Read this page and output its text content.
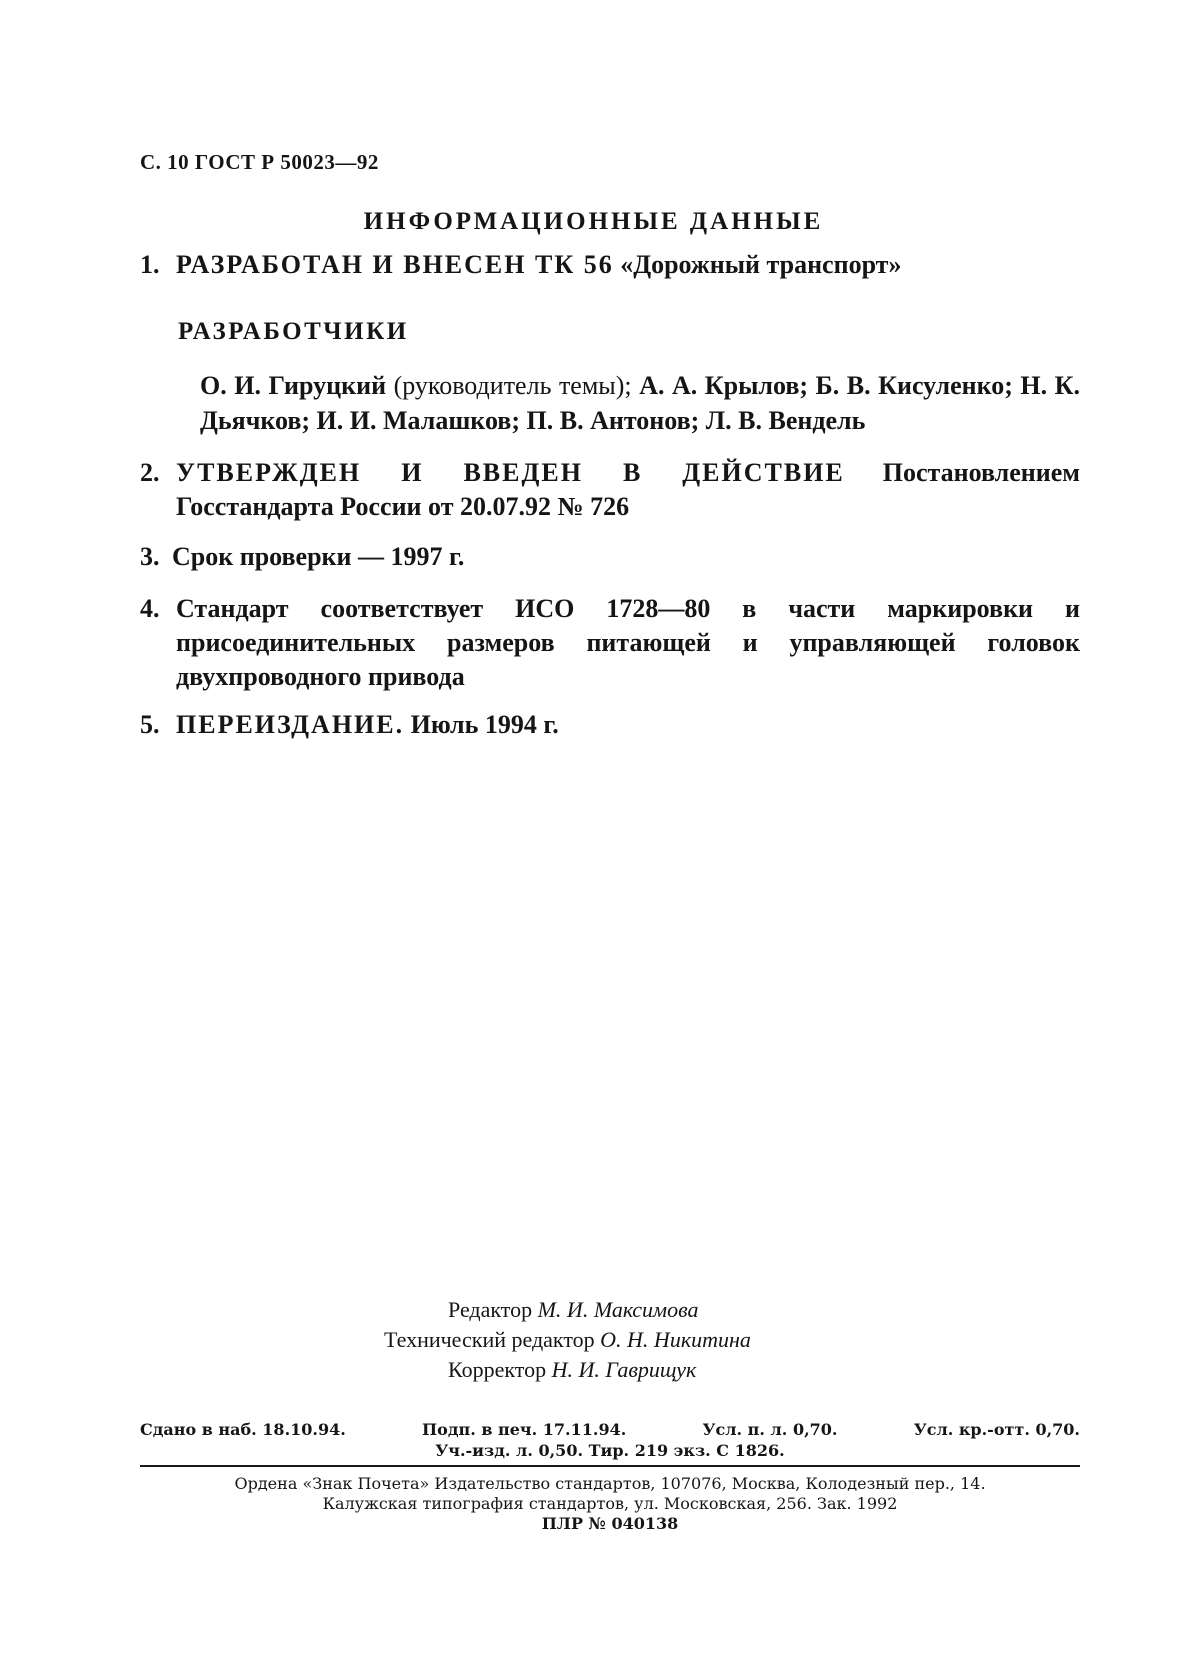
С. 10 ГОСТ Р 50023—92
ИНФОРМАЦИОННЫЕ ДАННЫЕ
1. РАЗРАБОТАН И ВНЕСЕН ТК 56 «Дорожный транспорт»
РАЗРАБОТЧИКИ
О. И. Гируцкий (руководитель темы); А. А. Крылов; Б. В. Кисуленко; Н. К. Дьячков; И. И. Малашков; П. В. Антонов; Л. В. Вендель
2. УТВЕРЖДЕН И ВВЕДЕН В ДЕЙСТВИЕ Постановлением Госстандарта России от 20.07.92 № 726
3. Срок проверки — 1997 г.
4. Стандарт соответствует ИСО 1728—80 в части маркировки и присоединительных размеров питающей и управляющей головок двухпроводного привода
5. ПЕРЕИЗДАНИЕ. Июль 1994 г.
Редактор М. И. Максимова
Технический редактор О. Н. Никитина
Корректор Н. И. Гаврищук
Сдано в наб. 18.10.94.	Подп. в печ. 17.11.94.	Усл. п. л. 0,70.	Усл. кр.-отт. 0,70.
Уч.-изд. л. 0,50. Тир. 219 экз. С 1826.
Ордена «Знак Почета» Издательство стандартов, 107076, Москва, Колодезный пер., 14.
Калужская типография стандартов, ул. Московская, 256. Зак. 1992
ПЛР № 040138
